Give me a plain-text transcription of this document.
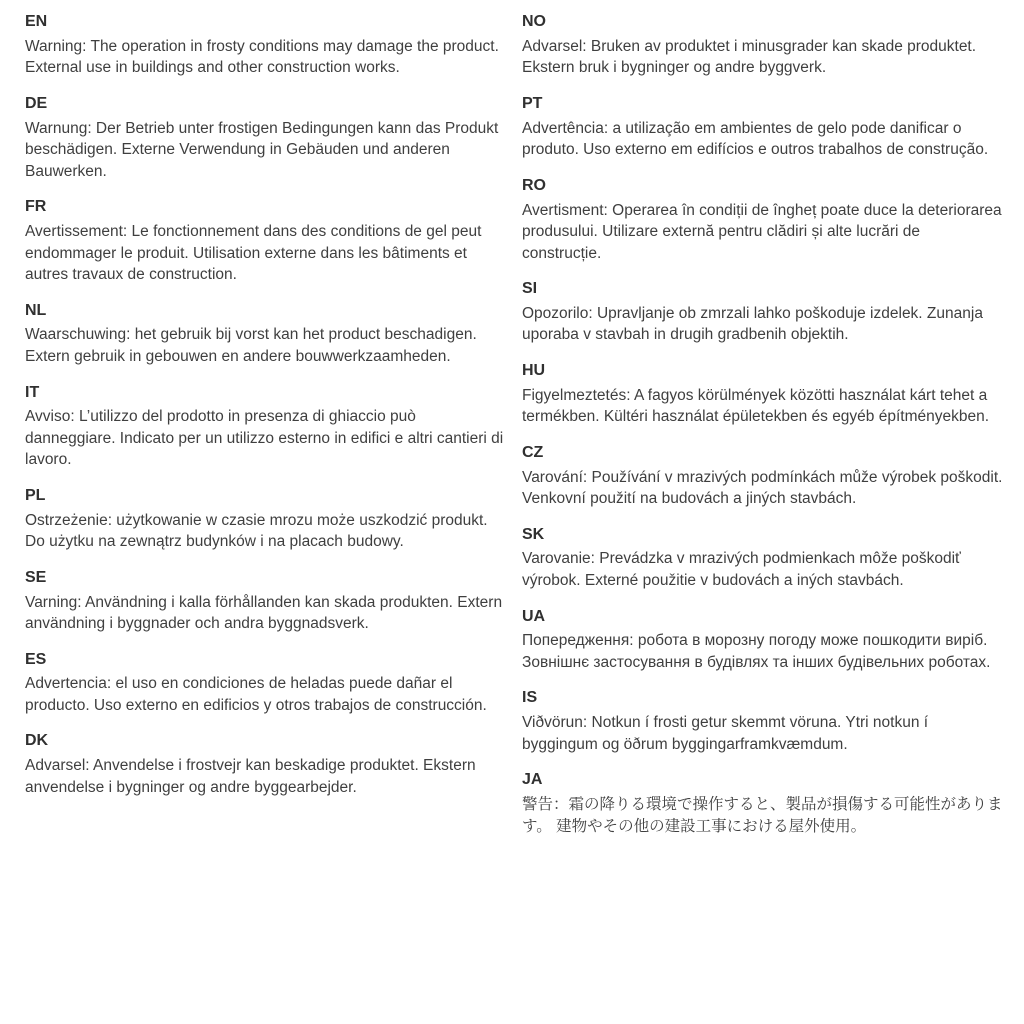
EN

Warning: The operation in frosty conditions may damage the product. External use in buildings and other construction works.

DE

Warnung: Der Betrieb unter frostigen Bedingungen kann das Produkt beschädigen. Externe Verwendung in Gebäuden und anderen Bauwerken.

FR

Avertissement: Le fonctionnement dans des conditions de gel peut endommager le produit. Utilisation externe dans les bâtiments et autres travaux de construction.

NL

Waarschuwing: het gebruik bij vorst kan het product beschadigen. Extern gebruik in gebouwen en andere bouwwerkzaamheden.

IT

Avviso: L’utilizzo del prodotto in presenza di ghiaccio può danneggiare. Indicato per un utilizzo esterno in edifici e altri cantieri di lavoro.

PL

Ostrzeżenie: użytkowanie w czasie mrozu może uszkodzić produkt. Do użytku na zewnątrz budynków i na placach budowy.

SE

Varning: Användning i kalla förhållanden kan skada produkten. Extern användning i byggnader och andra byggnadsverk.

ES

Advertencia: el uso en condiciones de heladas puede dañar el producto. Uso externo en edificios y otros trabajos de construcción.

DK

Advarsel: Anvendelse i frostvejr kan beskadige produktet. Ekstern anvendelse i bygninger og andre byggearbejder.

NO

Advarsel: Bruken av produktet i minusgrader kan skade produktet. Ekstern bruk i bygninger og andre byggverk.

PT

Advertência: a utilização em ambientes de gelo pode danificar o produto. Uso externo em edifícios e outros trabalhos de construção.

RO

Avertisment: Operarea în condiții de îngheț poate duce la deteriorarea produsului. Utilizare externă pentru clădiri și alte lucrări de construcție.

SI

Opozorilo: Upravljanje ob zmrzali lahko poškoduje izdelek. Zunanja uporaba v stavbah in drugih gradbenih objektih.

HU

Figyelmeztetés: A fagyos körülmények közötti használat kárt tehet a termékben. Kültéri használat épületekben és egyéb építményekben.

CZ

Varování: Používání v mrazivých podmínkách může výrobek poškodit. Venkovní použití na budovách a jiných stavbách.

SK

Varovanie: Prevádzka v mrazivých podmienkach môže poškodiť výrobok. Externé použitie v budovách a iných stavbách.

UA

Попередження: робота в морозну погоду може пошкодити виріб. Зовнішнє застосування в будівлях та інших будівельних роботах.

IS

Viðvörun: Notkun í frosti getur skemmt vöruna. Ytri notkun í byggingum og öðrum byggingarframkvæmdum.

JA

警告：霜の降りる環境で操作すると、製品が損傷する可能性があります。 建物やその他の建設工事における屋外使用。
